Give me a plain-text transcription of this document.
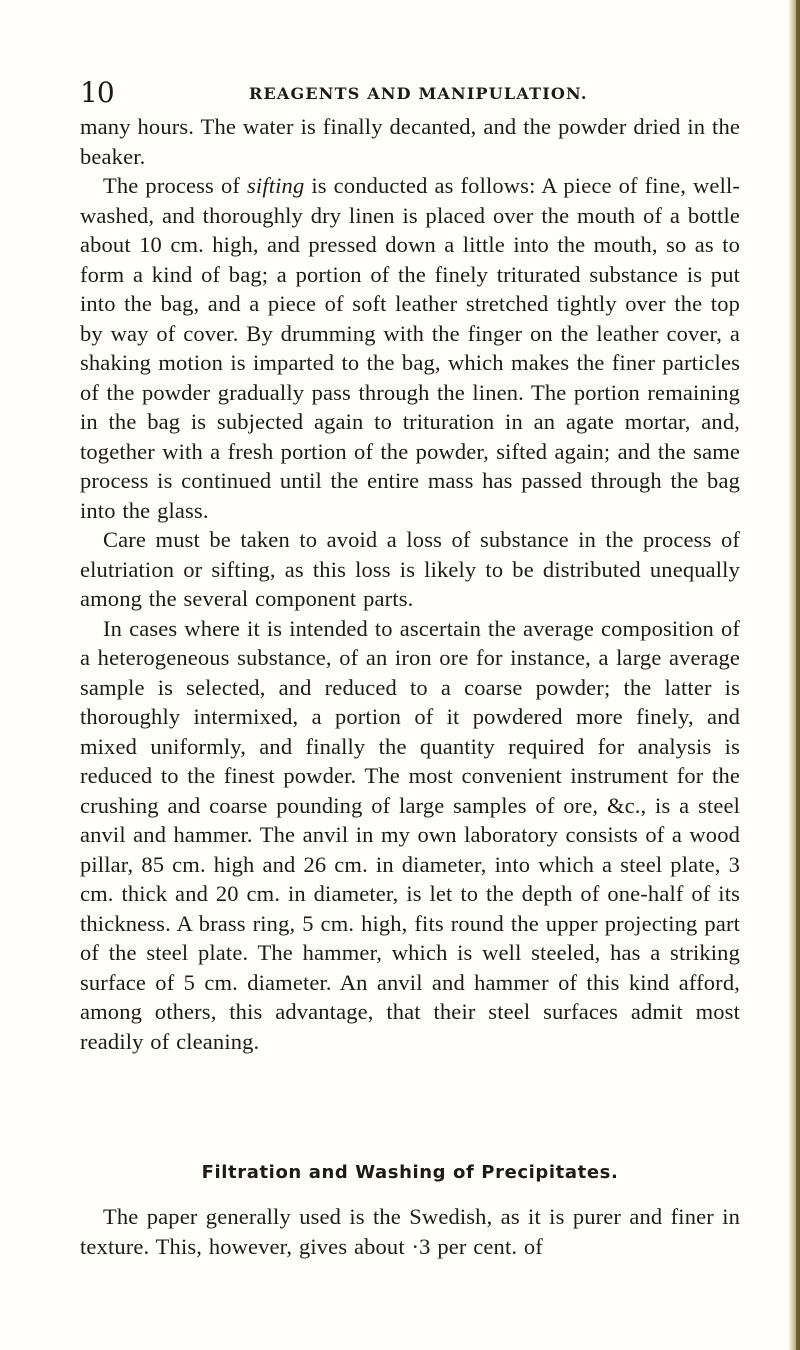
10	REAGENTS AND MANIPULATION.

many hours. The water is finally decanted, and the powder dried in the beaker.

The process of sifting is conducted as follows: A piece of fine, well-washed, and thoroughly dry linen is placed over the mouth of a bottle about 10 cm. high, and pressed down a little into the mouth, so as to form a kind of bag; a portion of the finely triturated substance is put into the bag, and a piece of soft leather stretched tightly over the top by way of cover. By drumming with the finger on the leather cover, a shaking motion is imparted to the bag, which makes the finer particles of the powder gradually pass through the linen. The portion remaining in the bag is subjected again to trituration in an agate mortar, and, together with a fresh portion of the powder, sifted again; and the same process is continued until the entire mass has passed through the bag into the glass.

Care must be taken to avoid a loss of substance in the process of elutriation or sifting, as this loss is likely to be distributed unequally among the several component parts.

In cases where it is intended to ascertain the average composition of a heterogeneous substance, of an iron ore for instance, a large average sample is selected, and reduced to a coarse powder; the latter is thoroughly intermixed, a portion of it powdered more finely, and mixed uniformly, and finally the quantity required for analysis is reduced to the finest powder. The most convenient instrument for the crushing and coarse pounding of large samples of ore, &c., is a steel anvil and hammer. The anvil in my own laboratory consists of a wood pillar, 85 cm. high and 26 cm. in diameter, into which a steel plate, 3 cm. thick and 20 cm. in diameter, is let to the depth of one-half of its thickness. A brass ring, 5 cm. high, fits round the upper projecting part of the steel plate. The hammer, which is well steeled, has a striking surface of 5 cm. diameter. An anvil and hammer of this kind afford, among others, this advantage, that their steel surfaces admit most readily of cleaning.

Filtration and Washing of Precipitates.

The paper generally used is the Swedish, as it is purer and finer in texture. This, however, gives about ·3 per cent. of
